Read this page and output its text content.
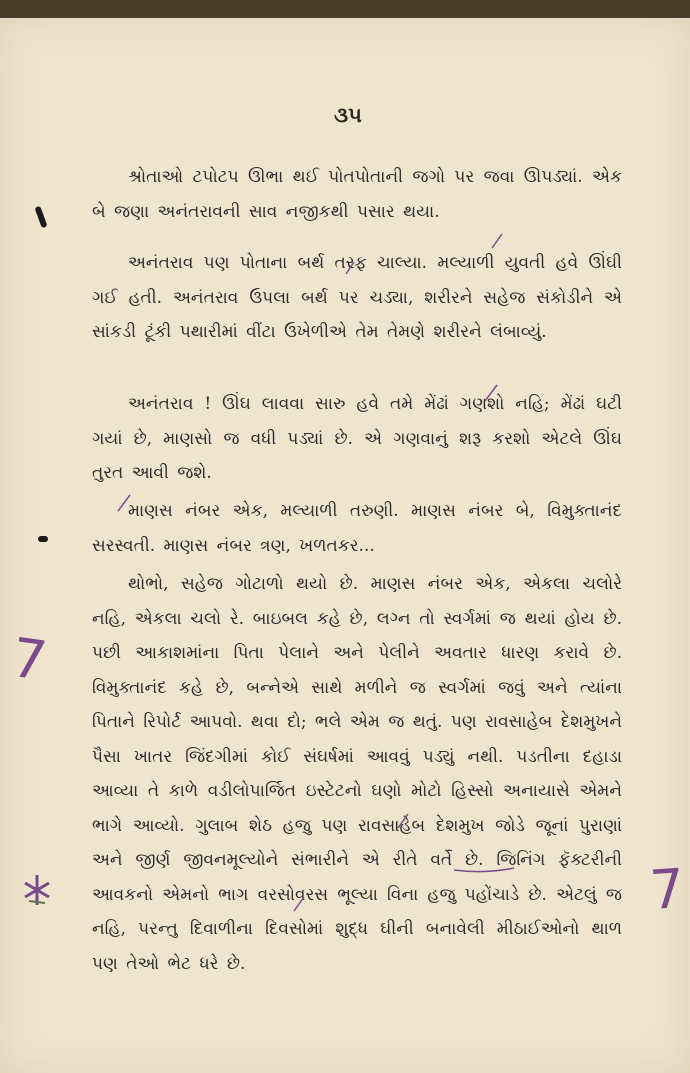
૩૫
શ્રોતાઓ ટપોટપ ઊભા થઈ પોતપોતાની જગો પર જવા ઊપડ્યાં. એક બે જણા અનંતરાવની સાવ નજીકથી પસાર થયા.
અનંતરાવ પણ પોતાના બર્થ તરફ ચાલ્યા. મલ્યાળી યુવતી હવે ઊંઘી ગઈ હતી. અનંતરાવ ઉપલા બર્થ પર ચડ્યા, શરીરને સહેજ સંકોડીને એ સાંકડી ટૂંકી પથારીમાં વીંટા ઉખેળીએ તેમ તેમણે શરીરને લંબાવ્યું.
અનંતરાવ ! ઊંઘ લાવવા સારુ હવે તમે મેંઢાં ગણશો નહિ; મેંઢાં ઘટી ગયાં છે, માણસો જ વધી પડ્યાં છે. એ ગણવાનું શરૂ કરશો એટલે ઊંઘ તુરત આવી જશે.
માણસ નંબર એક, મલ્યાળી તરુણી. માણસ નંબર બે, વિમુક્તાનંદ સરસ્વતી. માણસ નંબર ત્રણ, ખળતકર...
થોભો, સહેજ ગોટાળો થયો છે. માણસ નંબર એક, એકલા ચલોરે નહિ, એકલા ચલો રે. બાઇબલ કહે છે, લગ્ન તો સ્વર્ગમાં જ થયાં હોય છે. પછી આકાશમાંના પિતા પેલાને અને પેલીને અવતાર ધારણ કરાવે છે. વિમુક્તાનંદ કહે છે, બન્નેએ સાથે મળીને જ સ્વર્ગમાં જવું અને ત્યાંના પિતાને રિપોર્ટ આપવો. થવા દો; ભલે એમ જ થતું. પણ રાવસાહેબ દેશમુખને પૈસા ખાતર જિંદગીમાં કોઈ સંઘર્ષમાં આવવું પડ્યું નથી. પડતીના દહાડા આવ્યા તે કાળે વડીલોપાર્જિત ઇસ્ટેટનો ઘણો મોટો હિસ્સો અનાયાસે એમને ભાગે આવ્યો. ગુલાબ શેઠ હજુ પણ રાવસાહેબ દેશમુખ જોડે જૂનાં પુરાણાં અને જીર્ણ જીવનમૂલ્યોને સંભારીને એ રીતે વર્તે છે. જિનિંગ ફૅક્ટરીની આવકનો એમનો ભાગ વરસોવરસ ભૂલ્યા વિના હજુ પહોંચાડે છે. એટલું જ નહિ, પરન્તુ દિવાળીના દિવસોમાં શુદ્ધ ઘીની બનાવેલી મીઠાઈઓનો થાળ પણ તેઓ ભેટ ધરે છે.
7
7
